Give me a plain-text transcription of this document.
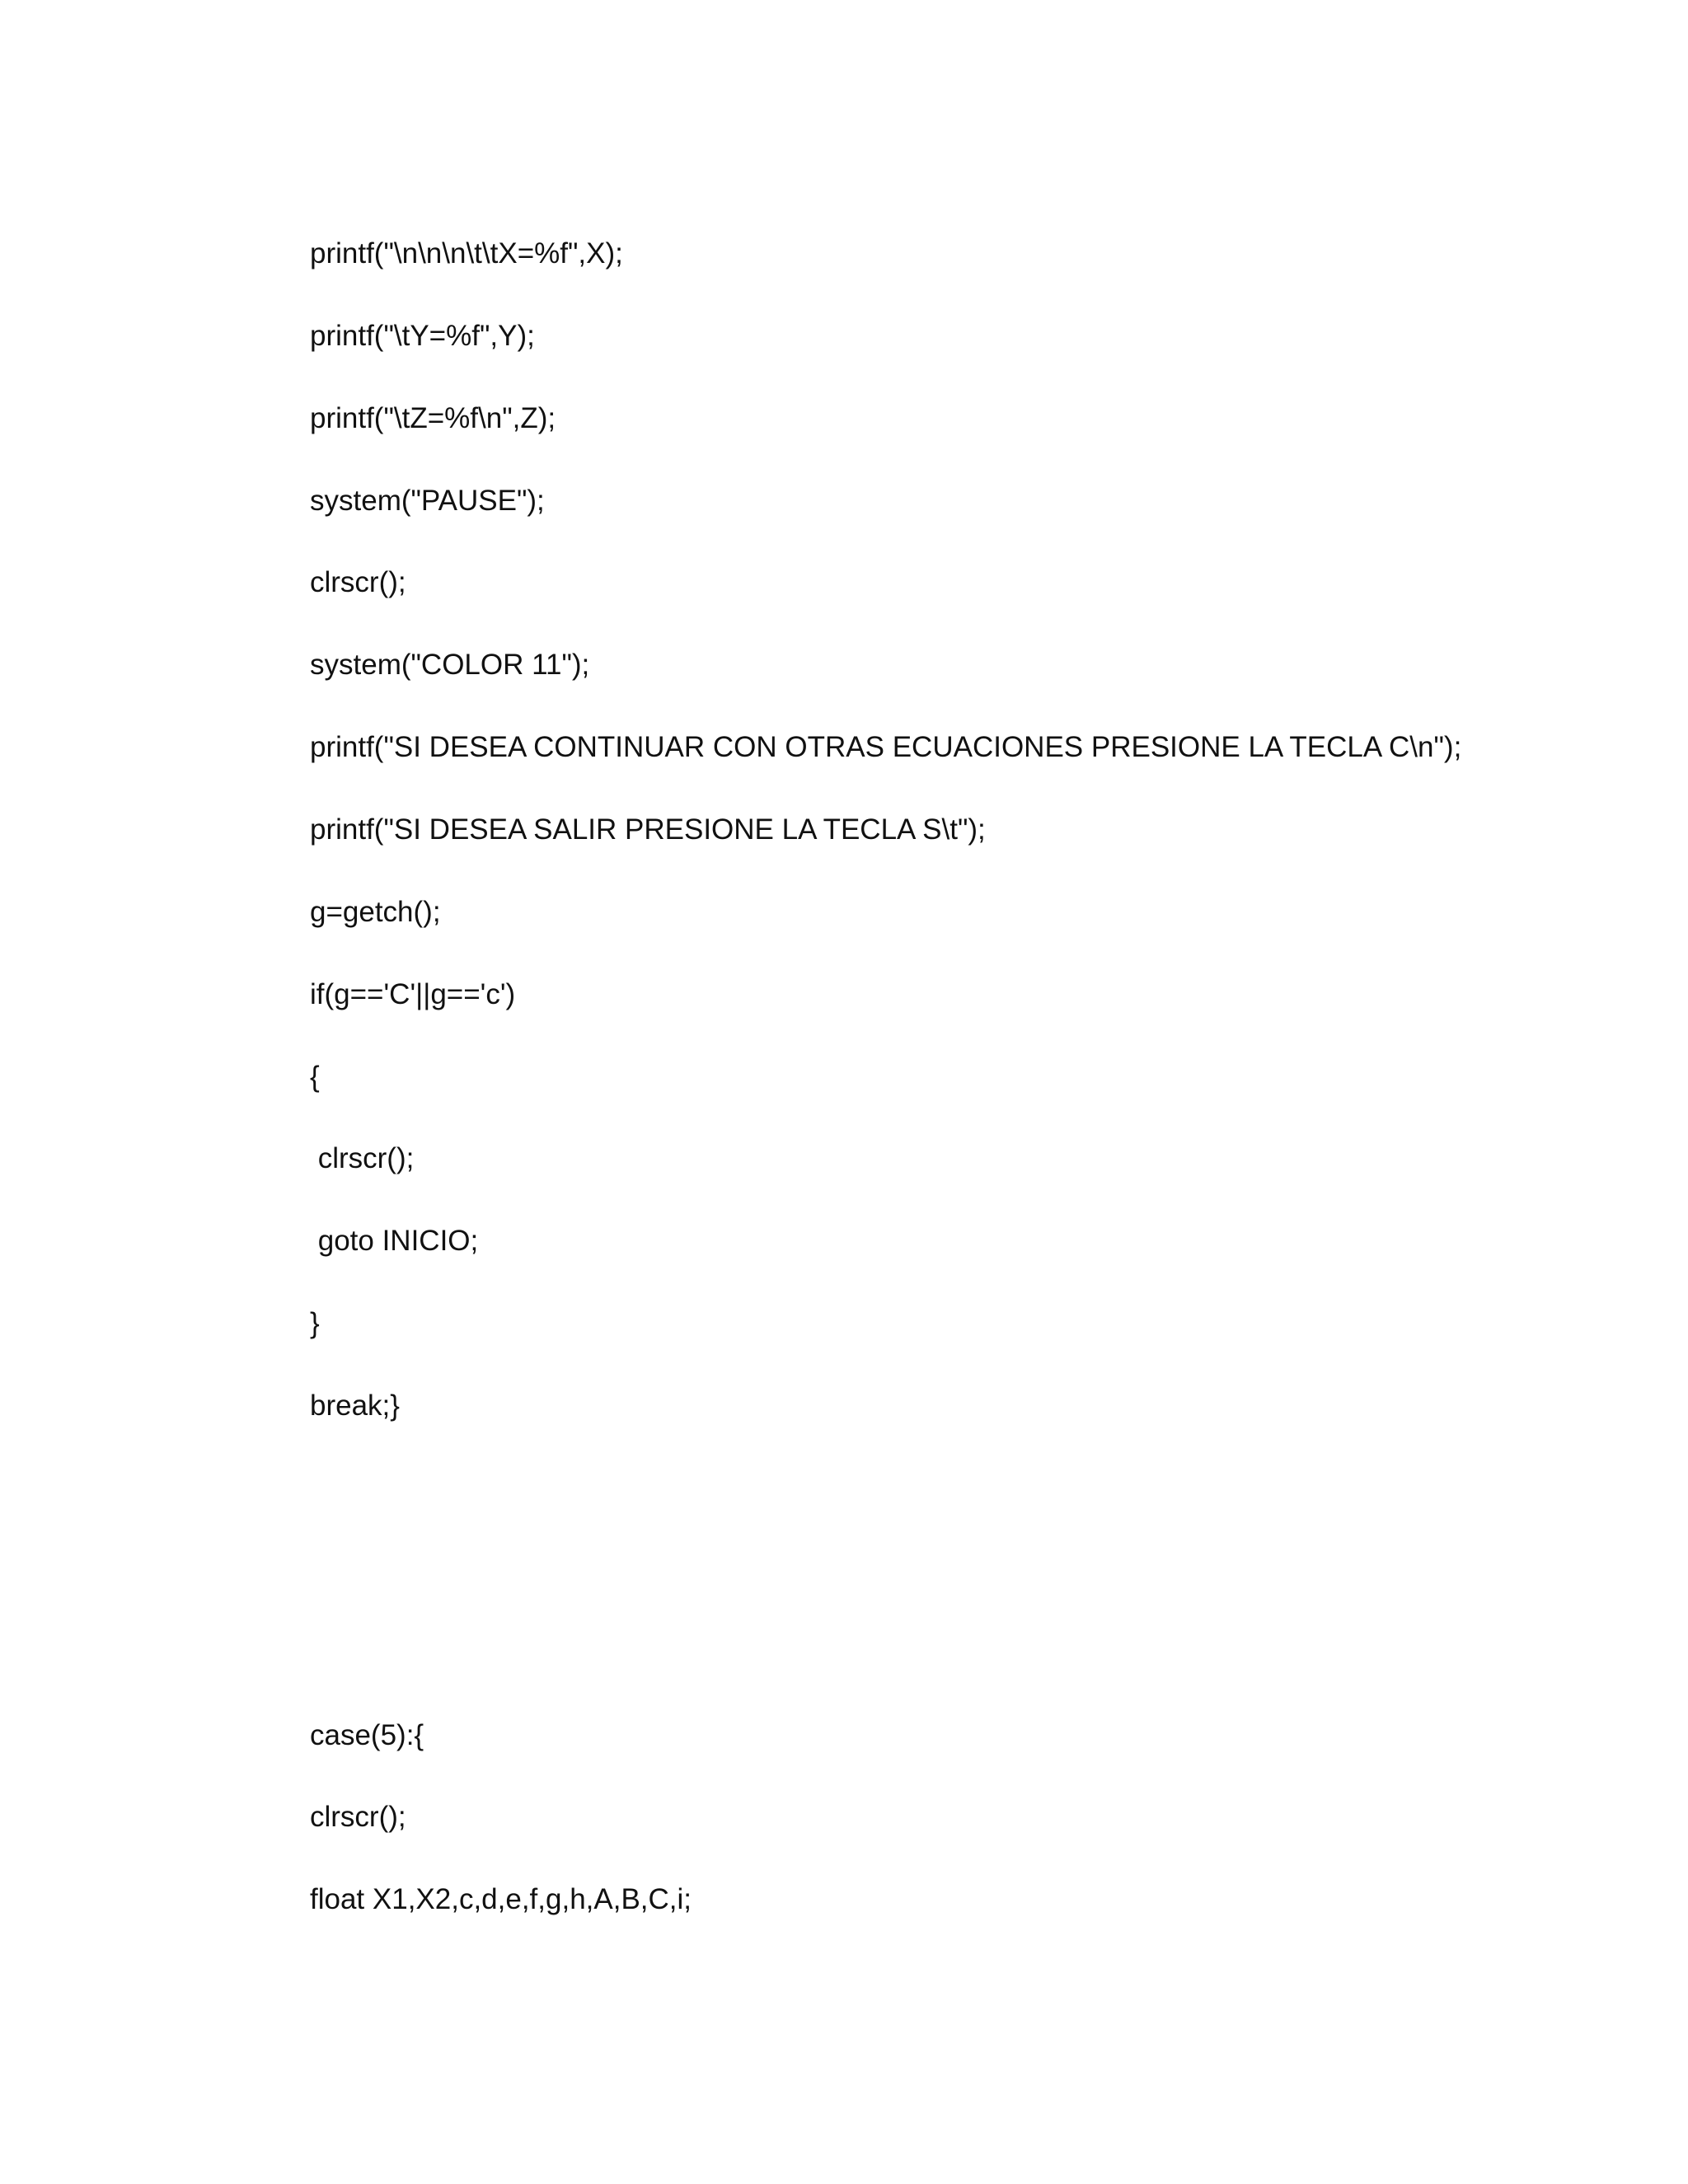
printf("\n\n\n\t\tX=%f",X);

printf("\tY=%f",Y);

printf("\tZ=%f\n",Z);

system("PAUSE");

clrscr();

system("COLOR 11");

printf("SI DESEA CONTINUAR CON OTRAS ECUACIONES PRESIONE LA TECLA C\n");

printf("SI DESEA SALIR PRESIONE LA TECLA S\t");

g=getch();

if(g=='C'||g=='c')

{

clrscr();

goto INICIO;

}

break;}

case(5):{

clrscr();

float X1,X2,c,d,e,f,g,h,A,B,C,i;
